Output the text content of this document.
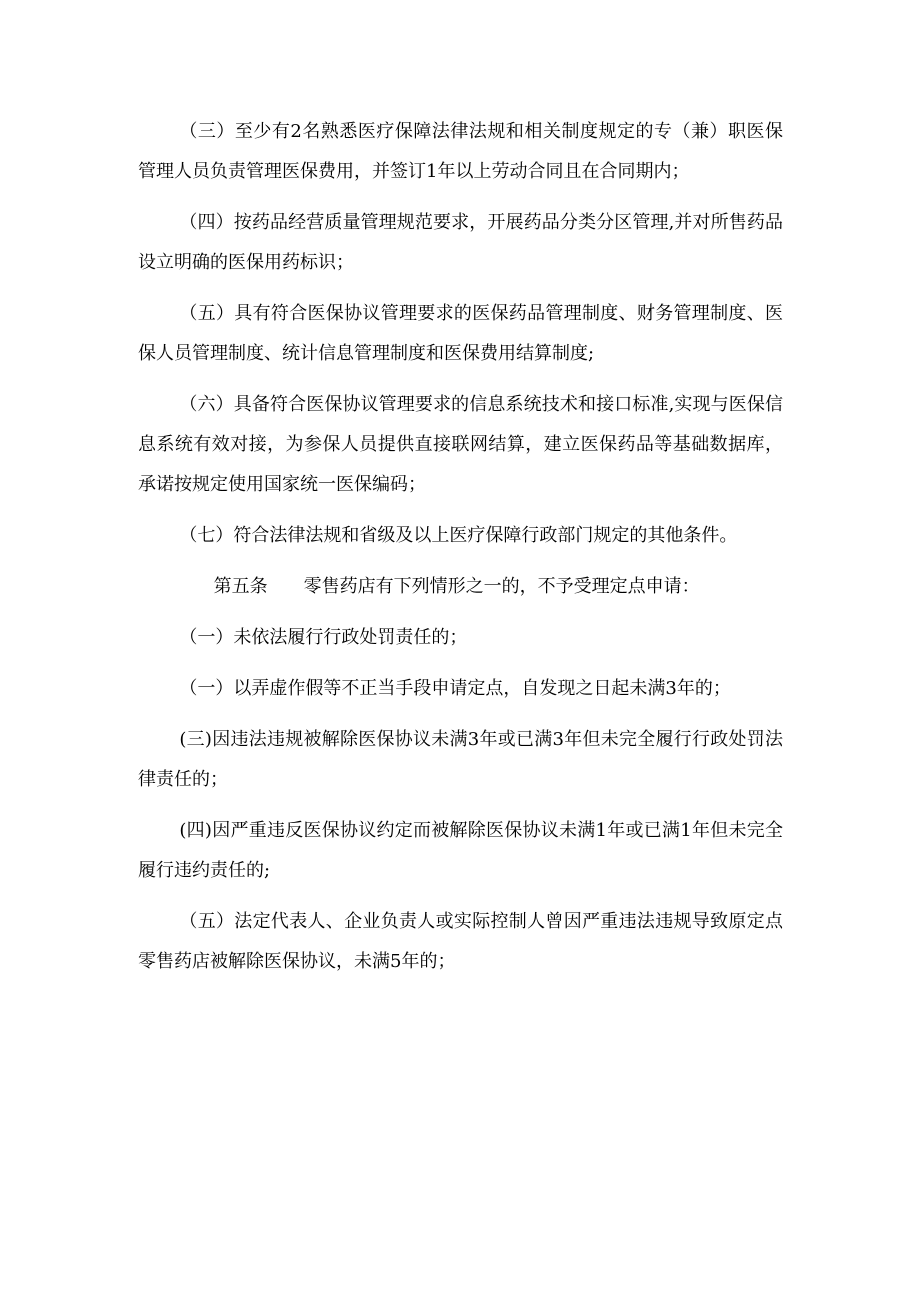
（三）至少有2名熟悉医疗保障法律法规和相关制度规定的专（兼）职医保管理人员负责管理医保费用，并签订1年以上劳动合同且在合同期内；

（四）按药品经营质量管理规范要求，开展药品分类分区管理,并对所售药品设立明确的医保用药标识；

（五）具有符合医保协议管理要求的医保药品管理制度、财务管理制度、医保人员管理制度、统计信息管理制度和医保费用结算制度;

（六）具备符合医保协议管理要求的信息系统技术和接口标准,实现与医保信息系统有效对接，为参保人员提供直接联网结算，建立医保药品等基础数据库，承诺按规定使用国家统一医保编码；

（七）符合法律法规和省级及以上医疗保障行政部门规定的其他条件。

第五条 零售药店有下列情形之一的，不予受理定点申请：

（一）未依法履行行政处罚责任的；

（一）以弄虚作假等不正当手段申请定点，自发现之日起未满3年的；

(三)因违法违规被解除医保协议未满3年或已满3年但未完全履行行政处罚法律责任的；

(四)因严重违反医保协议约定而被解除医保协议未满1年或已满1年但未完全履行违约责任的;

（五）法定代表人、企业负责人或实际控制人曾因严重违法违规导致原定点零售药店被解除医保协议，未满5年的；
